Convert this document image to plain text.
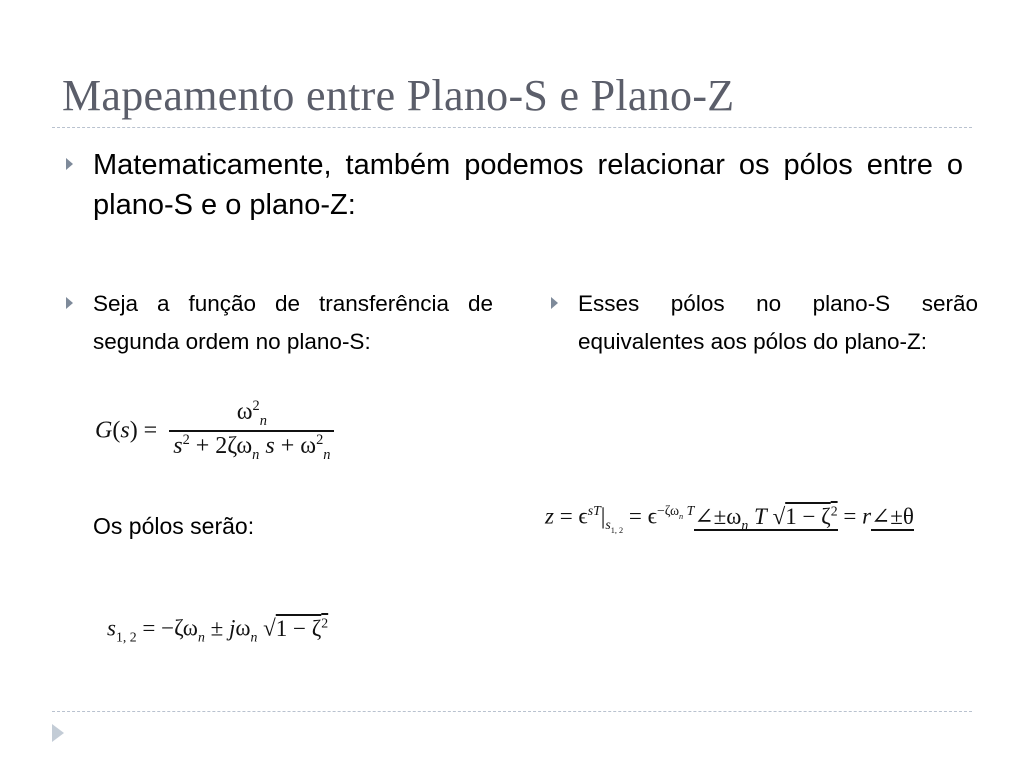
Mapeamento entre Plano-S e Plano-Z
Matematicamente, também podemos relacionar os pólos entre o plano-S e o plano-Z:
Seja a função de transferência de segunda ordem no plano-S:
Esses pólos no plano-S serão equivalentes aos pólos do plano-Z:
$G(s) = \frac{\omega^2_n}{s^2 + 2\zeta\omega_n s + \omega^2_n}$
Os pólos serão:
$s_{1, 2} = -\zeta\omega_n \pm j\omega_n$ $√1 - \zeta^2$
$z = \epsilon^{sT}|_{s_{1, 2}}$ = $\epsilon^{-\zeta\omega_n T}\angle\pm\omega_n$ T $√1 - \zeta^2$ = r∠±θ
